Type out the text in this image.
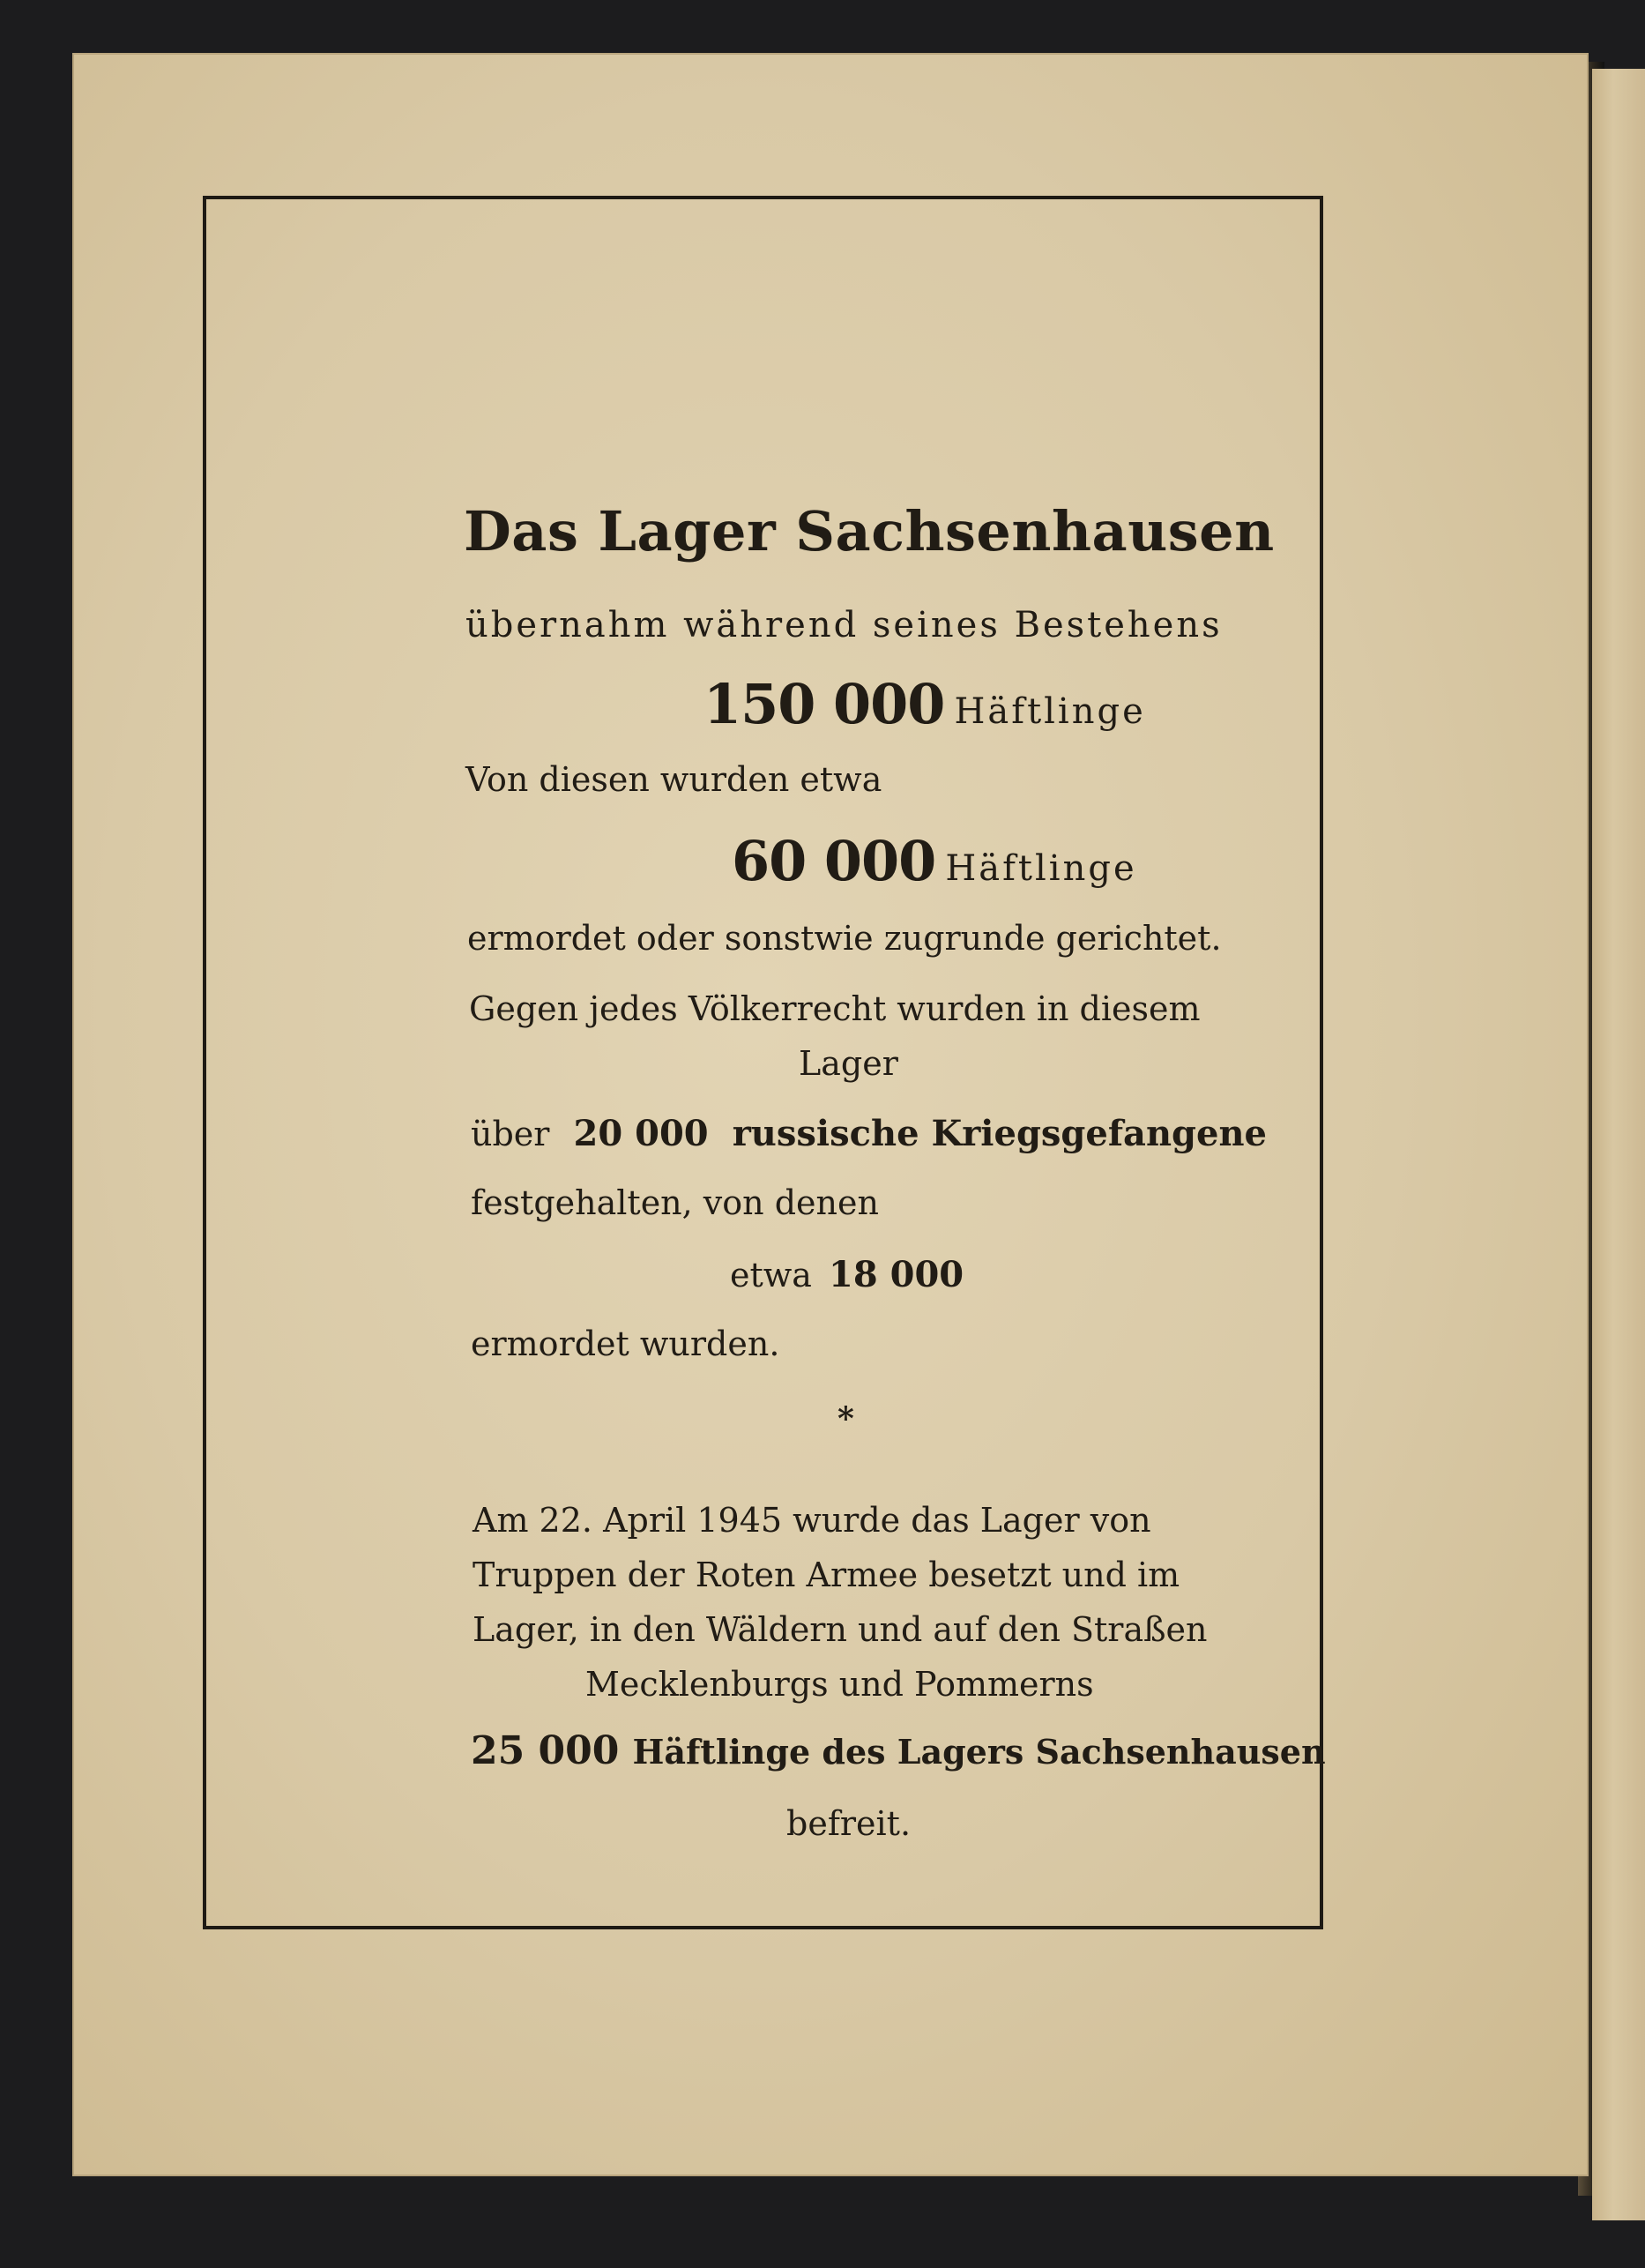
Das Lager Sachsenhausen
übernahm während seines Bestehens
150 000 Häftlinge
Von diesen wurden etwa
60 000 Häftlinge
ermordet oder sonstwie zugrunde gerichtet.
Gegen jedes Völkerrecht wurden in diesem
Lager
über 20 000 russische Kriegsgefangene
festgehalten, von denen
etwa 18 000
ermordet wurden.
*
Am 22. April 1945 wurde das Lager von
Truppen der Roten Armee besetzt und im
Lager, in den Wäldern und auf den Straßen
Mecklenburgs und Pommerns
25 000 Häftlinge des Lagers Sachsenhausen
befreit.
